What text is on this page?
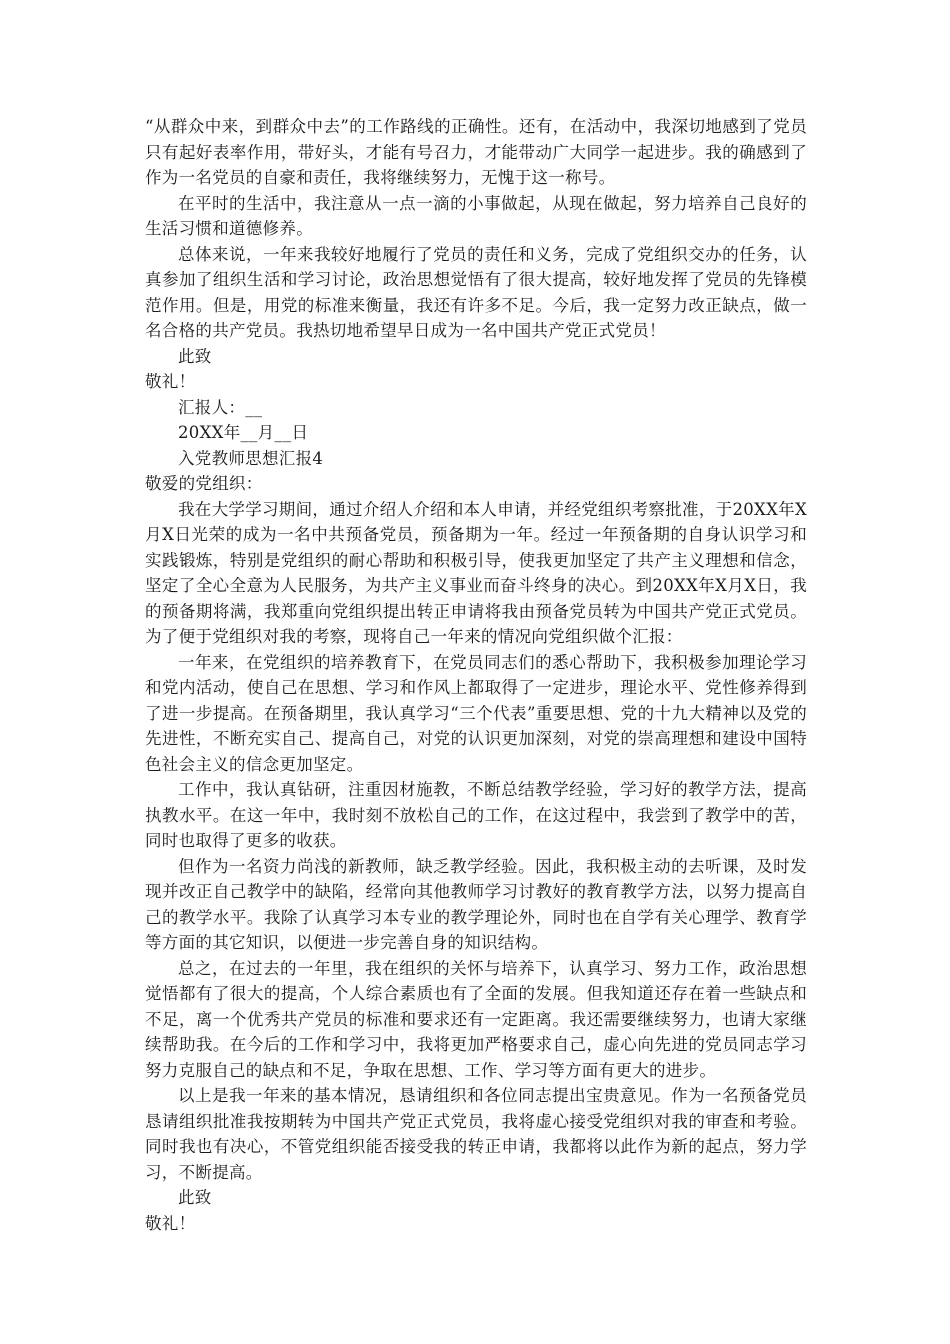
“从群众中来，到群众中去”的工作路线的正确性。还有，在活动中，我深切地感到了党员只有起好表率作用，带好头，才能有号召力，才能带动广大同学一起进步。我的确感到了作为一名党员的自豪和责任，我将继续努力，无愧于这一称号。

在平时的生活中，我注意从一点一滴的小事做起，从现在做起，努力培养自己良好的生活习惯和道德修养。

总体来说，一年来我较好地履行了党员的责任和义务，完成了党组织交办的任务，认真参加了组织生活和学习讨论，政治思想觉悟有了很大提高，较好地发挥了党员的先锋模范作用。但是，用党的标准来衡量，我还有许多不足。今后，我一定努力改正缺点，做一名合格的共产党员。我热切地希望早日成为一名中国共产党正式党员！

此致

敬礼！

汇报人：__

20XX年__月__日

入党教师思想汇报4

敬爱的党组织：

我在大学学习期间，通过介绍人介绍和本人申请，并经党组织考察批准，于20XX年X月X日光荣的成为一名中共预备党员，预备期为一年。经过一年预备期的自身认识学习和实践锻炼，特别是党组织的耐心帮助和积极引导，使我更加坚定了共产主义理想和信念，坚定了全心全意为人民服务，为共产主义事业而奋斗终身的决心。到20XX年X月X日，我的预备期将满，我郑重向党组织提出转正申请将我由预备党员转为中国共产党正式党员。为了便于党组织对我的考察，现将自己一年来的情况向党组织做个汇报：

一年来，在党组织的培养教育下，在党员同志们的悉心帮助下，我积极参加理论学习和党内活动，使自己在思想、学习和作风上都取得了一定进步，理论水平、党性修养得到了进一步提高。在预备期里，我认真学习“三个代表”重要思想、党的十九大精神以及党的先进性，不断充实自己、提高自己，对党的认识更加深刻，对党的崇高理想和建设中国特色社会主义的信念更加坚定。

工作中，我认真钻研，注重因材施教，不断总结教学经验，学习好的教学方法，提高执教水平。在这一年中，我时刻不放松自己的工作，在这过程中，我尝到了教学中的苦，同时也取得了更多的收获。

但作为一名资力尚浅的新教师，缺乏教学经验。因此，我积极主动的去听课，及时发现并改正自己教学中的缺陷，经常向其他教师学习讨教好的教育教学方法，以努力提高自己的教学水平。我除了认真学习本专业的教学理论外，同时也在自学有关心理学、教育学等方面的其它知识，以便进一步完善自身的知识结构。

总之，在过去的一年里，我在组织的关怀与培养下，认真学习、努力工作，政治思想觉悟都有了很大的提高，个人综合素质也有了全面的发展。但我知道还存在着一些缺点和不足，离一个优秀共产党员的标准和要求还有一定距离。我还需要继续努力，也请大家继续帮助我。在今后的工作和学习中，我将更加严格要求自己，虚心向先进的党员同志学习努力克服自己的缺点和不足，争取在思想、工作、学习等方面有更大的进步。

以上是我一年来的基本情况，恳请组织和各位同志提出宝贵意见。作为一名预备党员恳请组织批准我按期转为中国共产党正式党员，我将虚心接受党组织对我的审查和考验。同时我也有决心，不管党组织能否接受我的转正申请，我都将以此作为新的起点，努力学习，不断提高。

此致

敬礼！
